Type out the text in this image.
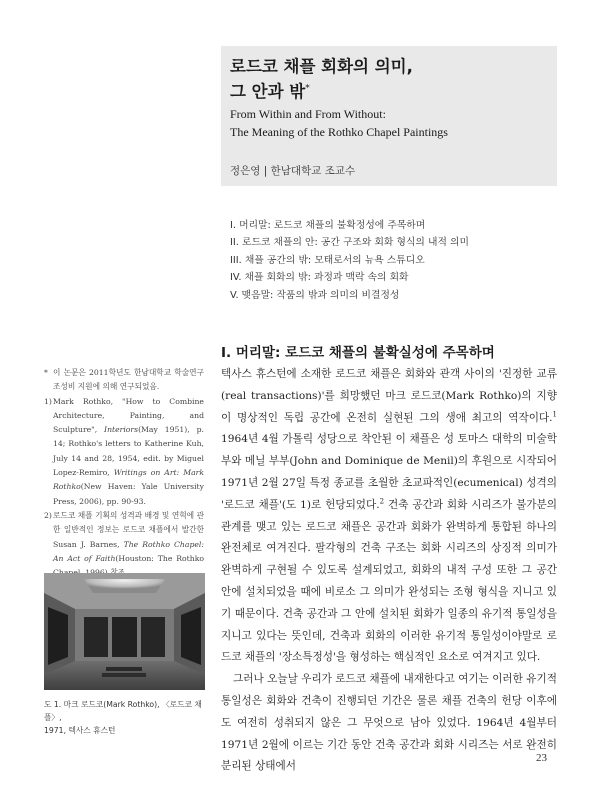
로드코 채플 회화의 의미,
그 안과 밖*
From Within and From Without:
The Meaning of the Rothko Chapel Paintings
정은영 | 한남대학교 조교수
I. 머리말: 로드코 채플의 불확정성에 주목하며
II. 로드코 채플의 안: 공간 구조와 회화 형식의 내적 의미
III. 채플 공간의 밖: 모태로서의 뉴욕 스튜디오
IV. 채플 회화의 밖: 과정과 맥락 속의 회화
V. 맺음말: 작품의 밖과 의미의 비결정성
I. 머리말: 로드코 채플의 불확실성에 주목하며

텍사스 휴스턴에 소재한 로드코 채플은 회화와 관객 사이의 '진정한 교류(real transactions)'를 희망했던 마크 로드코(Mark Rothko)의 지향이 명상적인 독립 공간에 온전히 실현된 그의 생애 최고의 역작이다.$^1$ 1964년 4월 가톨릭 성당으로 착안된 이 채플은 성 토마스 대학의 미술학부와 메닐 부부(John and Dominique de Menil)의 후원으로 시작되어 1971년 2월 27일 특정 종교를 초월한 초교파적인(ecumenical) 성격의 '로드코 채플'(도 1)로 헌당되었다.$^2$ 건축 공간과 회화 시리즈가 불가분의 관계를 맺고 있는 로드코 채플은 공간과 회화가 완벽하게 통합된 하나의 완전체로 여겨진다. 팔각형의 건축 구조는 회화 시리즈의 상징적 의미가 완벽하게 구현될 수 있도록 설계되었고, 회화의 내적 구성 또한 그 공간 안에 설치되었을 때에 비로소 그 의미가 완성되는 조형 형식을 지니고 있기 때문이다. 건축 공간과 그 안에 설치된 회화가 일종의 유기적 통일성을 지니고 있다는 뜻인데, 건축과 회화의 이러한 유기적 통일성이야말로 로드코 채플의 '장소특정성'을 형성하는 핵심적인 요소로 여겨지고 있다.

그러나 오늘날 우리가 로드코 채플에 내재한다고 여기는 이러한 유기적 통일성은 회화와 건축이 진행되던 기간은 물론 채플 건축의 헌당 이후에도 여전히 성취되지 않은 그 무엇으로 남아 있었다. 1964년 4월부터 1971년 2월에 이르는 기간 동안 건축 공간과 회화 시리즈는 서로 완전히 분리된 상태에서

* 이 논문은 2011학년도 한남대학교 학술연구 조성비 지원에 의해 연구되었음.
1) Mark Rothko, "How to Combine Architecture, Painting, and Sculpture", Interiors(May 1951), p. 14; Rothko's letters to Katherine Kuh, July 14 and 28, 1954, edit. by Miguel Lopez-Remiro, Writings on Art: Mark Rothko(New Haven: Yale University Press, 2006), pp. 90-93.
2) 로드코 채플 기획의 성격과 배경 및 연혁에 관한 일반적인 정보는 로드코 채플에서 발간한 Susan J. Barnes, The Rothko Chapel: An Act of Faith(Houston: The Rothko
도 1. 마크 로드코(Mark Rothko), 〈로드코 채플〉,
1971, 텍사스 휴스턴
23
